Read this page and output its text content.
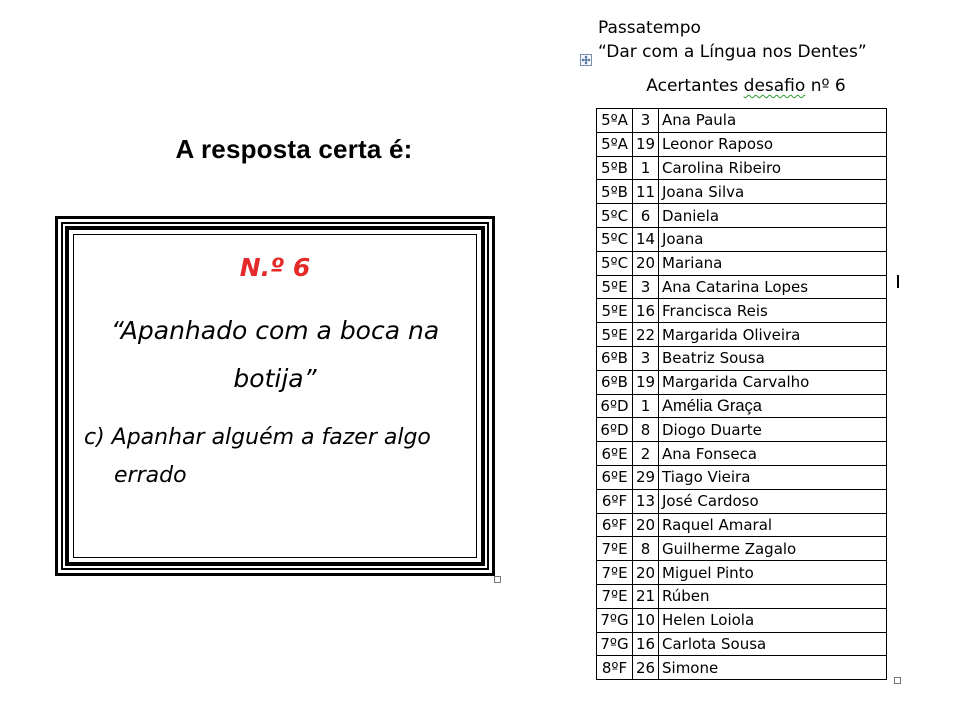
A resposta certa é:
N.º 6
“Apanhado com a boca na
botija”
c) Apanhar alguém a fazer algo
errado
Passatempo
“Dar com a Língua nos Dentes”
Acertantes desafio nº 6
5ºA	3	Ana Paula
5ºA	19	Leonor Raposo
5ºB	1	Carolina Ribeiro
5ºB	11	Joana Silva
5ºC	6	Daniela
5ºC	14	Joana
5ºC	20	Mariana
5ºE	3	Ana Catarina Lopes
5ºE	16	Francisca Reis
5ºE	22	Margarida Oliveira
6ºB	3	Beatriz Sousa
6ºB	19	Margarida Carvalho
6ºD	1	Amélia Graça
6ºD	8	Diogo Duarte
6ºE	2	Ana Fonseca
6ºE	29	Tiago Vieira
6ºF	13	José Cardoso
6ºF	20	Raquel Amaral
7ºE	8	Guilherme Zagalo
7ºE	20	Miguel Pinto
7ºE	21	Rúben
7ºG	10	Helen Loiola
7ºG	16	Carlota Sousa
8ºF	26	Simone
